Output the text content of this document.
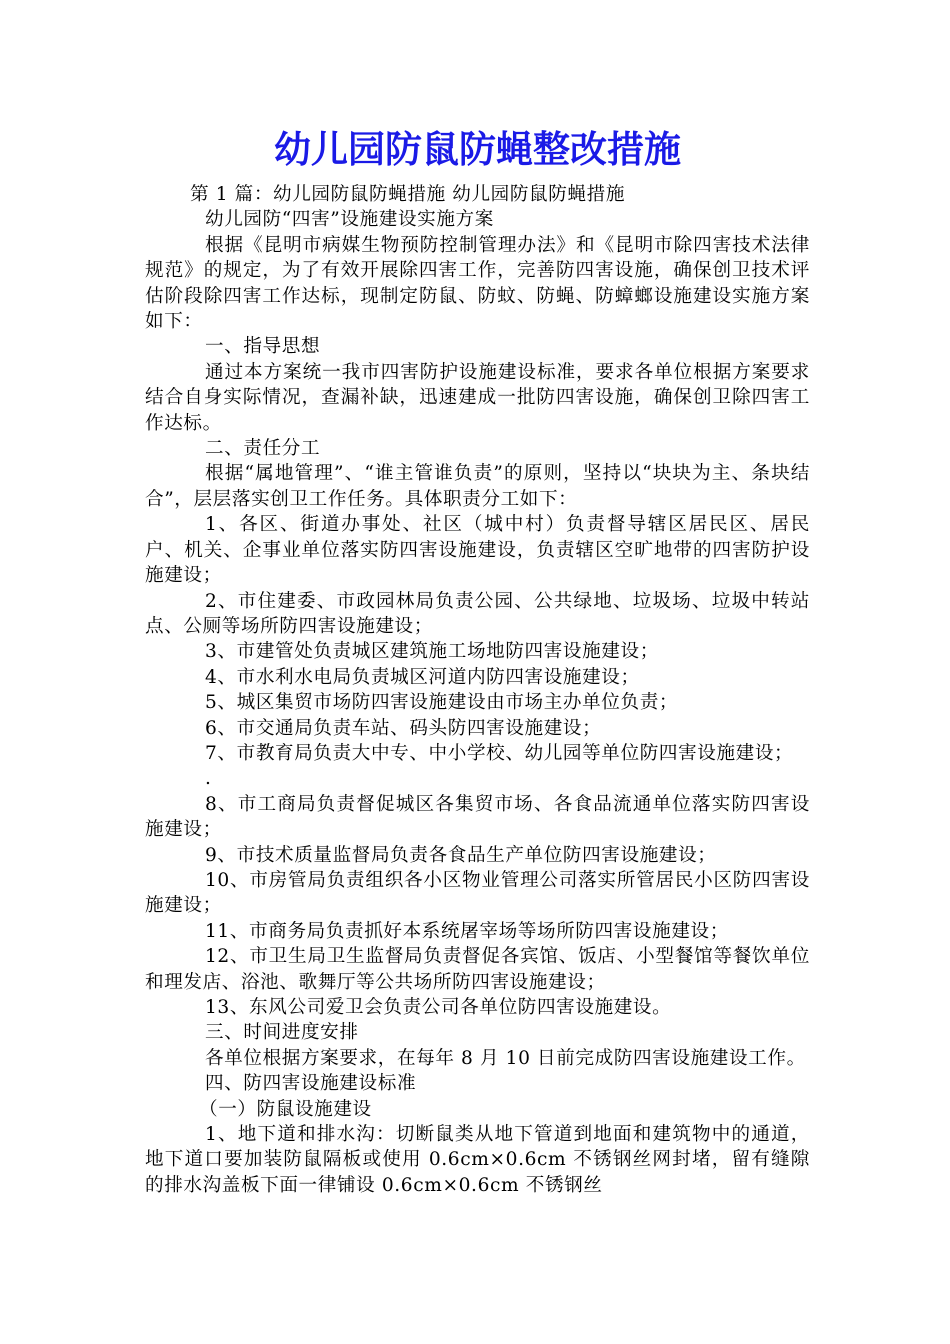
幼儿园防鼠防蝇整改措施

第 1 篇：幼儿园防鼠防蝇措施 幼儿园防鼠防蝇措施

幼儿园防“四害”设施建设实施方案

根据《昆明市病媒生物预防控制管理办法》和《昆明市除四害技术法律规范》的规定，为了有效开展除四害工作，完善防四害设施，确保创卫技术评估阶段除四害工作达标，现制定防鼠、防蚊、防蝇、防蟑螂设施建设实施方案如下：

一、指导思想

通过本方案统一我市四害防护设施建设标准，要求各单位根据方案要求结合自身实际情况，查漏补缺，迅速建成一批防四害设施，确保创卫除四害工作达标。

二、责任分工

根据“属地管理”、“谁主管谁负责”的原则，坚持以“块块为主、条块结合”，层层落实创卫工作任务。具体职责分工如下：

1、各区、街道办事处、社区（城中村）负责督导辖区居民区、居民户、机关、企事业单位落实防四害设施建设，负责辖区空旷地带的四害防护设施建设；

2、市住建委、市政园林局负责公园、公共绿地、垃圾场、垃圾中转站点、公厕等场所防四害设施建设；

3、市建管处负责城区建筑施工场地防四害设施建设；

4、市水利水电局负责城区河道内防四害设施建设；

5、城区集贸市场防四害设施建设由市场主办单位负责；

6、市交通局负责车站、码头防四害设施建设；

7、市教育局负责大中专、中小学校、幼儿园等单位防四害设施建设；

.

8、市工商局负责督促城区各集贸市场、各食品流通单位落实防四害设施建设；

9、市技术质量监督局负责各食品生产单位防四害设施建设；

10、市房管局负责组织各小区物业管理公司落实所管居民小区防四害设施建设；

11、市商务局负责抓好本系统屠宰场等场所防四害设施建设；

12、市卫生局卫生监督局负责督促各宾馆、饭店、小型餐馆等餐饮单位和理发店、浴池、歌舞厅等公共场所防四害设施建设；

13、东风公司爱卫会负责公司各单位防四害设施建设。

三、时间进度安排

各单位根据方案要求，在每年 8 月 10 日前完成防四害设施建设工作。

四、防四害设施建设标准

（一）防鼠设施建设

1、地下道和排水沟：切断鼠类从地下管道到地面和建筑物中的通道，地下道口要加装防鼠隔板或使用 0.6cm×0.6cm 不锈钢丝网封堵，留有缝隙的排水沟盖板下面一律铺设 0.6cm×0.6cm 不锈钢丝
